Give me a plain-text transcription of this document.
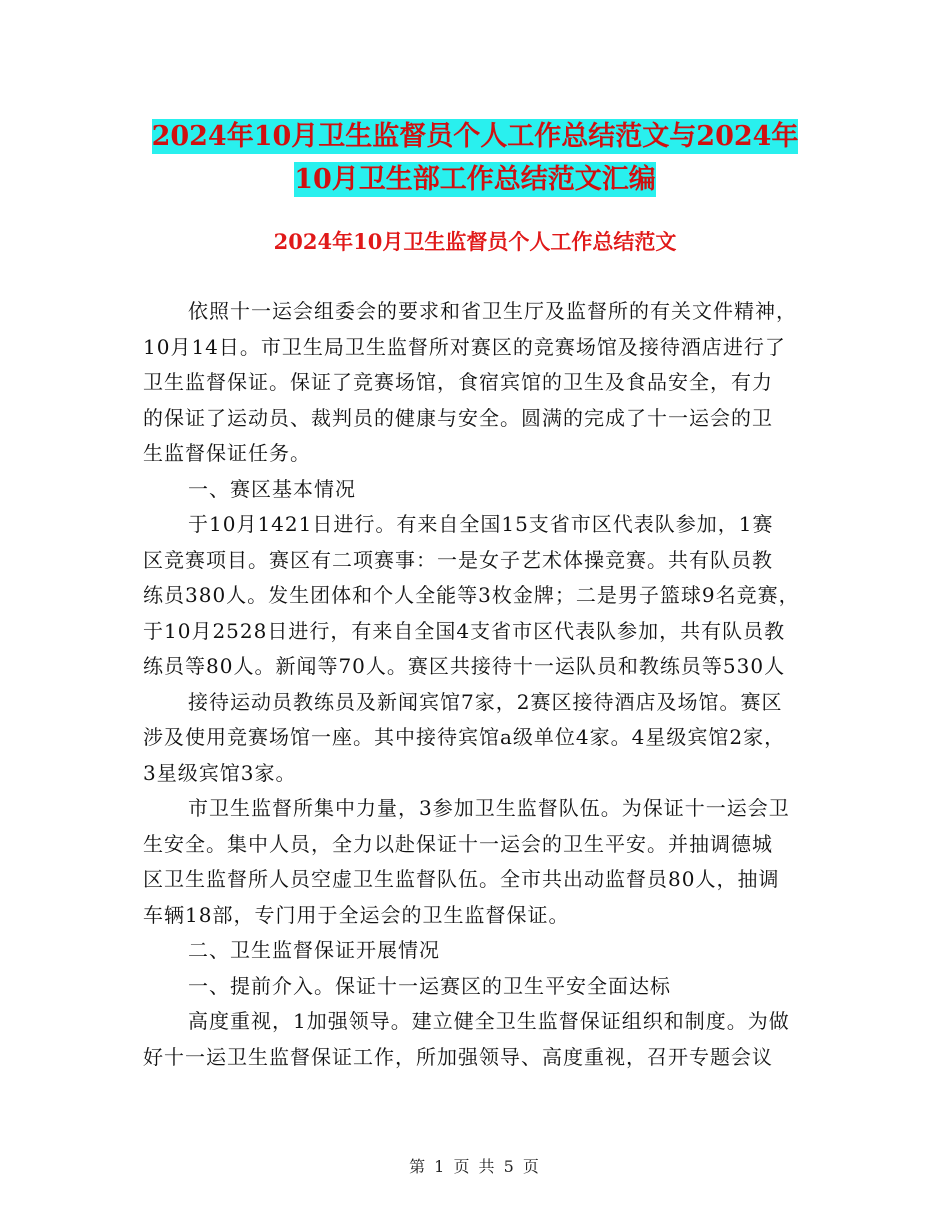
2024年10月卫生监督员个人工作总结范文与2024年
10月卫生部工作总结范文汇编
2024年10月卫生监督员个人工作总结范文
依照十一运会组委会的要求和省卫生厅及监督所的有关文件精神，
10月14日。市卫生局卫生监督所对赛区的竞赛场馆及接待酒店进行了
卫生监督保证。保证了竞赛场馆，食宿宾馆的卫生及食品安全，有力
的保证了运动员、裁判员的健康与安全。圆满的完成了十一运会的卫
生监督保证任务。
一、赛区基本情况
于10月1421日进行。有来自全国15支省市区代表队参加，1赛
区竞赛项目。赛区有二项赛事：一是女子艺术体操竞赛。共有队员教
练员380人。发生团体和个人全能等3枚金牌；二是男子篮球9名竞赛，
于10月2528日进行，有来自全国4支省市区代表队参加，共有队员教
练员等80人。新闻等70人。赛区共接待十一运队员和教练员等530人
接待运动员教练员及新闻宾馆7家，2赛区接待酒店及场馆。赛区
涉及使用竞赛场馆一座。其中接待宾馆a级单位4家。4星级宾馆2家，
3星级宾馆3家。
市卫生监督所集中力量，3参加卫生监督队伍。为保证十一运会卫
生安全。集中人员，全力以赴保证十一运会的卫生平安。并抽调德城
区卫生监督所人员空虚卫生监督队伍。全市共出动监督员80人，抽调
车辆18部，专门用于全运会的卫生监督保证。
二、卫生监督保证开展情况
一、提前介入。保证十一运赛区的卫生平安全面达标
高度重视，1加强领导。建立健全卫生监督保证组织和制度。为做
好十一运卫生监督保证工作，所加强领导、高度重视，召开专题会议
第 1 页 共 5 页
